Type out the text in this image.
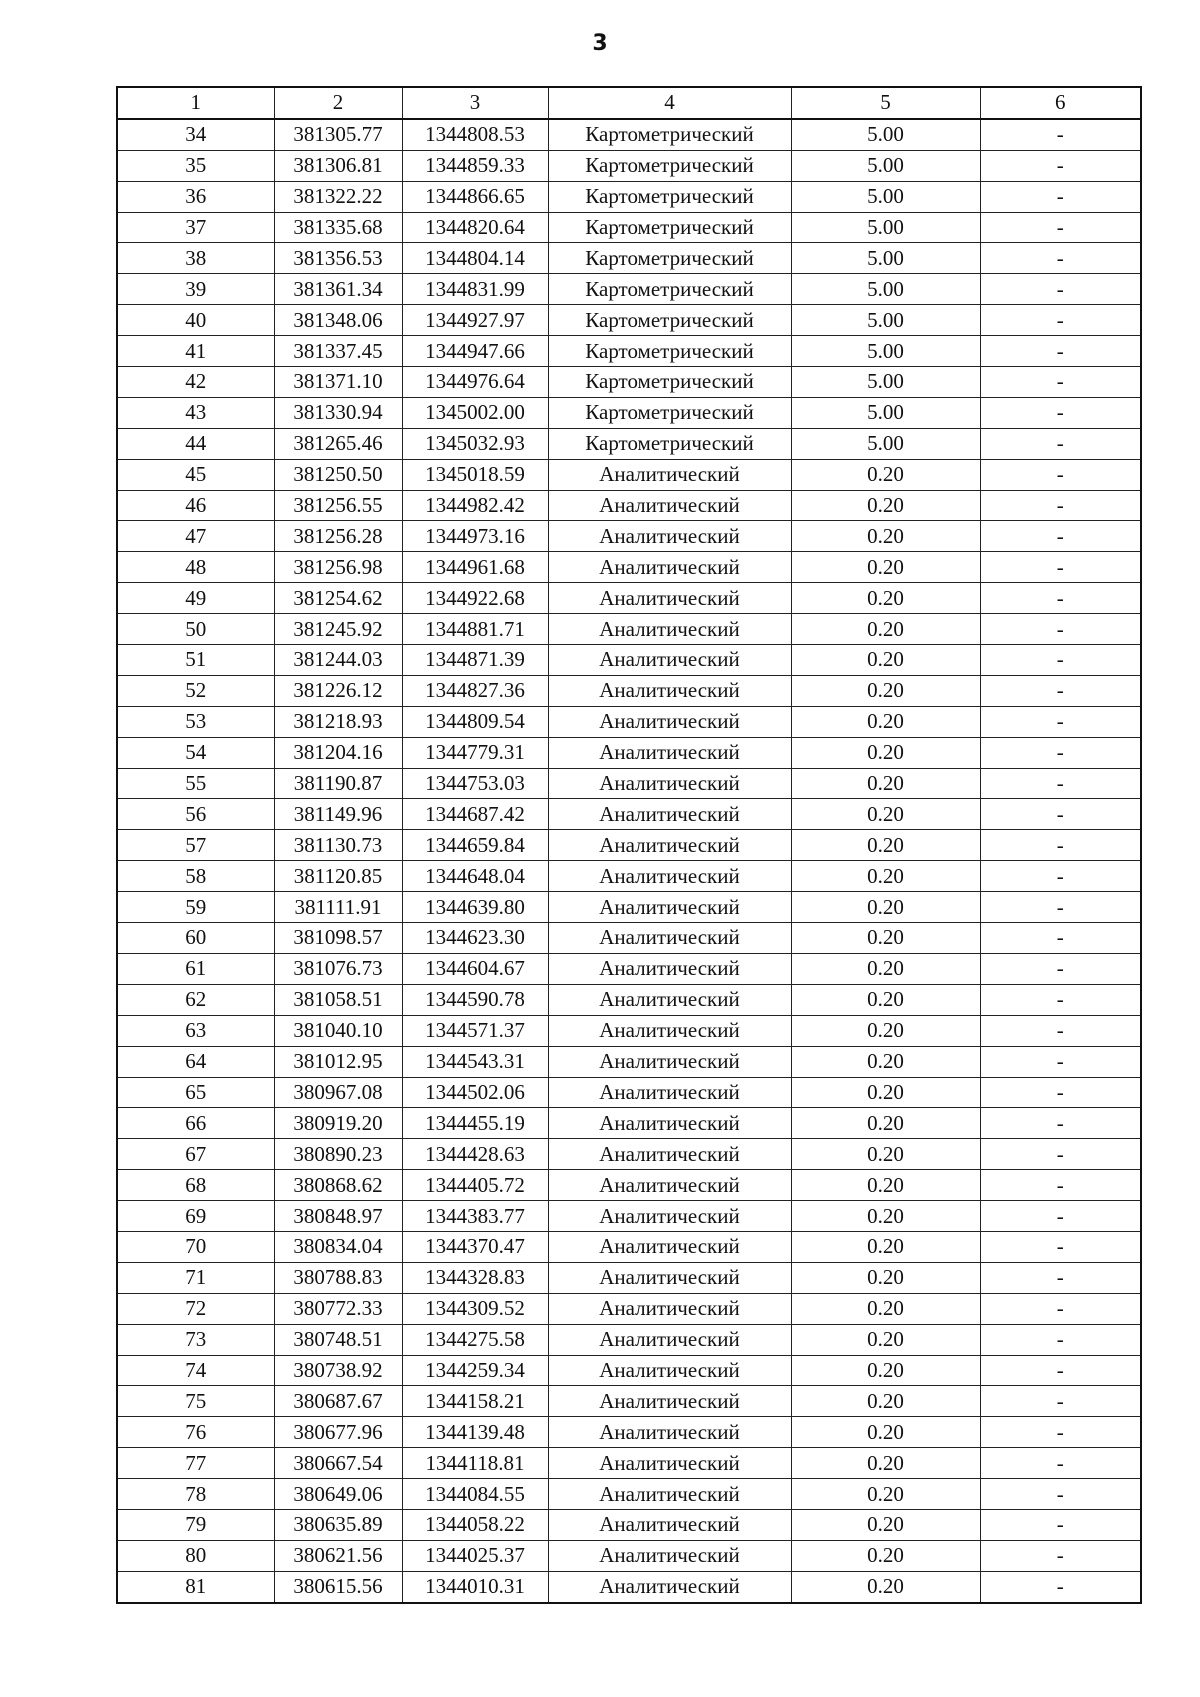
3
1	2	3	4	5	6
34	381305.77	1344808.53	Картометрический	5.00	-
35	381306.81	1344859.33	Картометрический	5.00	-
36	381322.22	1344866.65	Картометрический	5.00	-
37	381335.68	1344820.64	Картометрический	5.00	-
38	381356.53	1344804.14	Картометрический	5.00	-
39	381361.34	1344831.99	Картометрический	5.00	-
40	381348.06	1344927.97	Картометрический	5.00	-
41	381337.45	1344947.66	Картометрический	5.00	-
42	381371.10	1344976.64	Картометрический	5.00	-
43	381330.94	1345002.00	Картометрический	5.00	-
44	381265.46	1345032.93	Картометрический	5.00	-
45	381250.50	1345018.59	Аналитический	0.20	-
46	381256.55	1344982.42	Аналитический	0.20	-
47	381256.28	1344973.16	Аналитический	0.20	-
48	381256.98	1344961.68	Аналитический	0.20	-
49	381254.62	1344922.68	Аналитический	0.20	-
50	381245.92	1344881.71	Аналитический	0.20	-
51	381244.03	1344871.39	Аналитический	0.20	-
52	381226.12	1344827.36	Аналитический	0.20	-
53	381218.93	1344809.54	Аналитический	0.20	-
54	381204.16	1344779.31	Аналитический	0.20	-
55	381190.87	1344753.03	Аналитический	0.20	-
56	381149.96	1344687.42	Аналитический	0.20	-
57	381130.73	1344659.84	Аналитический	0.20	-
58	381120.85	1344648.04	Аналитический	0.20	-
59	381111.91	1344639.80	Аналитический	0.20	-
60	381098.57	1344623.30	Аналитический	0.20	-
61	381076.73	1344604.67	Аналитический	0.20	-
62	381058.51	1344590.78	Аналитический	0.20	-
63	381040.10	1344571.37	Аналитический	0.20	-
64	381012.95	1344543.31	Аналитический	0.20	-
65	380967.08	1344502.06	Аналитический	0.20	-
66	380919.20	1344455.19	Аналитический	0.20	-
67	380890.23	1344428.63	Аналитический	0.20	-
68	380868.62	1344405.72	Аналитический	0.20	-
69	380848.97	1344383.77	Аналитический	0.20	-
70	380834.04	1344370.47	Аналитический	0.20	-
71	380788.83	1344328.83	Аналитический	0.20	-
72	380772.33	1344309.52	Аналитический	0.20	-
73	380748.51	1344275.58	Аналитический	0.20	-
74	380738.92	1344259.34	Аналитический	0.20	-
75	380687.67	1344158.21	Аналитический	0.20	-
76	380677.96	1344139.48	Аналитический	0.20	-
77	380667.54	1344118.81	Аналитический	0.20	-
78	380649.06	1344084.55	Аналитический	0.20	-
79	380635.89	1344058.22	Аналитический	0.20	-
80	380621.56	1344025.37	Аналитический	0.20	-
81	380615.56	1344010.31	Аналитический	0.20	-
